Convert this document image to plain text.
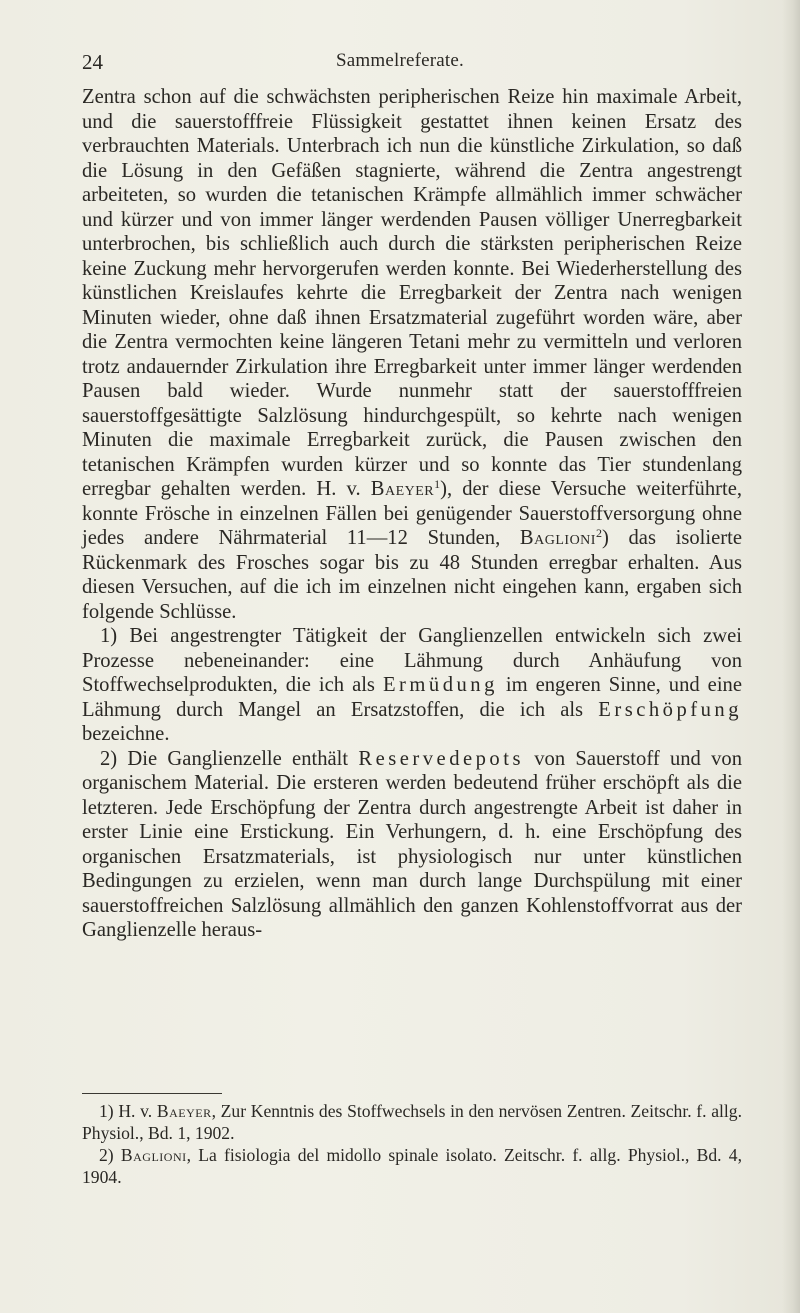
24	Sammelreferate.

Zentra schon auf die schwächsten peripherischen Reize hin maximale Arbeit, und die sauerstofffreie Flüssigkeit gestattet ihnen keinen Ersatz des verbrauchten Materials. Unterbrach ich nun die künstliche Zirkulation, so daß die Lösung in den Gefäßen stagnierte, während die Zentra angestrengt arbeiteten, so wurden die tetanischen Krämpfe allmählich immer schwächer und kürzer und von immer länger werdenden Pausen völliger Unerregbarkeit unterbrochen, bis schließlich auch durch die stärksten peripherischen Reize keine Zuckung mehr hervorgerufen werden konnte. Bei Wiederherstellung des künstlichen Kreislaufes kehrte die Erregbarkeit der Zentra nach wenigen Minuten wieder, ohne daß ihnen Ersatzmaterial zugeführt worden wäre, aber die Zentra vermochten keine längeren Tetani mehr zu vermitteln und verloren trotz andauernder Zirkulation ihre Erregbarkeit unter immer länger werdenden Pausen bald wieder. Wurde nunmehr statt der sauerstofffreien sauerstoffgesättigte Salzlösung hindurchgespült, so kehrte nach wenigen Minuten die maximale Erregbarkeit zurück, die Pausen zwischen den tetanischen Krämpfen wurden kürzer und so konnte das Tier stundenlang erregbar gehalten werden. H. v. Baeyer$^1$), der diese Versuche weiterführte, konnte Frösche in einzelnen Fällen bei genügender Sauerstoffversorgung ohne jedes andere Nährmaterial 11—12 Stunden, Baglioni$^2$) das isolierte Rückenmark des Frosches sogar bis zu 48 Stunden erregbar erhalten. Aus diesen Versuchen, auf die ich im einzelnen nicht eingehen kann, ergaben sich folgende Schlüsse.

1) Bei angestrengter Tätigkeit der Ganglienzellen entwickeln sich zwei Prozesse nebeneinander: eine Lähmung durch Anhäufung von Stoffwechselprodukten, die ich als Ermüdung im engeren Sinne, und eine Lähmung durch Mangel an Ersatzstoffen, die ich als Erschöpfung bezeichne.

2) Die Ganglienzelle enthält Reservedepots von Sauerstoff und von organischem Material. Die ersteren werden bedeutend früher erschöpft als die letzteren. Jede Erschöpfung der Zentra durch angestrengte Arbeit ist daher in erster Linie eine Erstickung. Ein Verhungern, d. h. eine Erschöpfung des organischen Ersatzmaterials, ist physiologisch nur unter künstlichen Bedingungen zu erzielen, wenn man durch lange Durchspülung mit einer sauerstoffreichen Salzlösung allmählich den ganzen Kohlenstoffvorrat aus der Ganglienzelle heraus-

1) H. v. Baeyer, Zur Kenntnis des Stoffwechsels in den nervösen Zentren. Zeitschr. f. allg. Physiol., Bd. 1, 1902.

2) Baglioni, La fisiologia del midollo spinale isolato. Zeitschr. f. allg. Physiol., Bd. 4, 1904.
